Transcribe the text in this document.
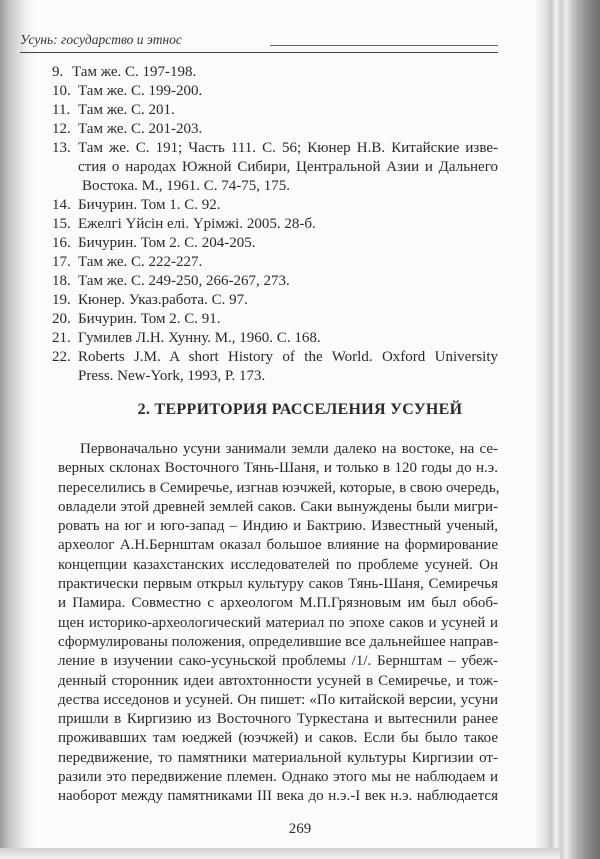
Усунь: государство и этнос
9. Там же. С. 197-198.
10. Там же. С. 199-200.
11. Там же. С. 201.
12. Там же. С. 201-203.
13. Там же. С. 191; Часть 111. С. 56; Кюнер Н.В. Китайские изве-
стия о народах Южной Сибири, Центральной Азии и Дальнего
Востока. М., 1961. С. 74-75, 175.
14. Бичурин. Том 1. С. 92.
15. Ежелгі Үйсін елі. Үрімжі. 2005. 28-б.
16. Бичурин. Том 2. С. 204-205.
17. Там же. С. 222-227.
18. Там же. С. 249-250, 266-267, 273.
19. Кюнер. Указ.работа. С. 97.
20. Бичурин. Том 2. С. 91.
21. Гумилев Л.Н. Хунну. М., 1960. С. 168.
22. Roberts J.M. A short History of the World. Oxford University
Press. New-York, 1993, P. 173.
2. ТЕРРИТОРИЯ РАССЕЛЕНИЯ УСУНЕЙ
Первоначально усуни занимали земли далеко на востоке, на се-
верных склонах Восточного Тянь-Шаня, и только в 120 годы до н.э.
переселились в Семиречье, изгнав юэчжей, которые, в свою очередь,
овладели этой древней землей саков. Саки вынуждены были мигри-
ровать на юг и юго-запад – Индию и Бактрию. Известный ученый,
археолог А.Н.Бернштам оказал большое влияние на формирование
концепции казахстанских исследователей по проблеме усуней. Он
практически первым открыл культуру саков Тянь-Шаня, Семиречья
и Памира. Совместно с археологом М.П.Грязновым им был обоб-
щен историко-археологический материал по эпохе саков и усуней и
сформулированы положения, определившие все дальнейшее направ-
ление в изучении сако-усуньской проблемы /1/. Бернштам – убеж-
денный сторонник идеи автохтонности усуней в Семиречье, и тож-
дества исседонов и усуней. Он пишет: «По китайской версии, усуни
пришли в Киргизию из Восточного Туркестана и вытеснили ранее
проживавших там юеджей (юэчжей) и саков. Если бы было такое
передвижение, то памятники материальной культуры Киргизии от-
разили это передвижение племен. Однако этого мы не наблюдаем и
наоборот между памятниками III века до н.э.-I век н.э. наблюдается
269
